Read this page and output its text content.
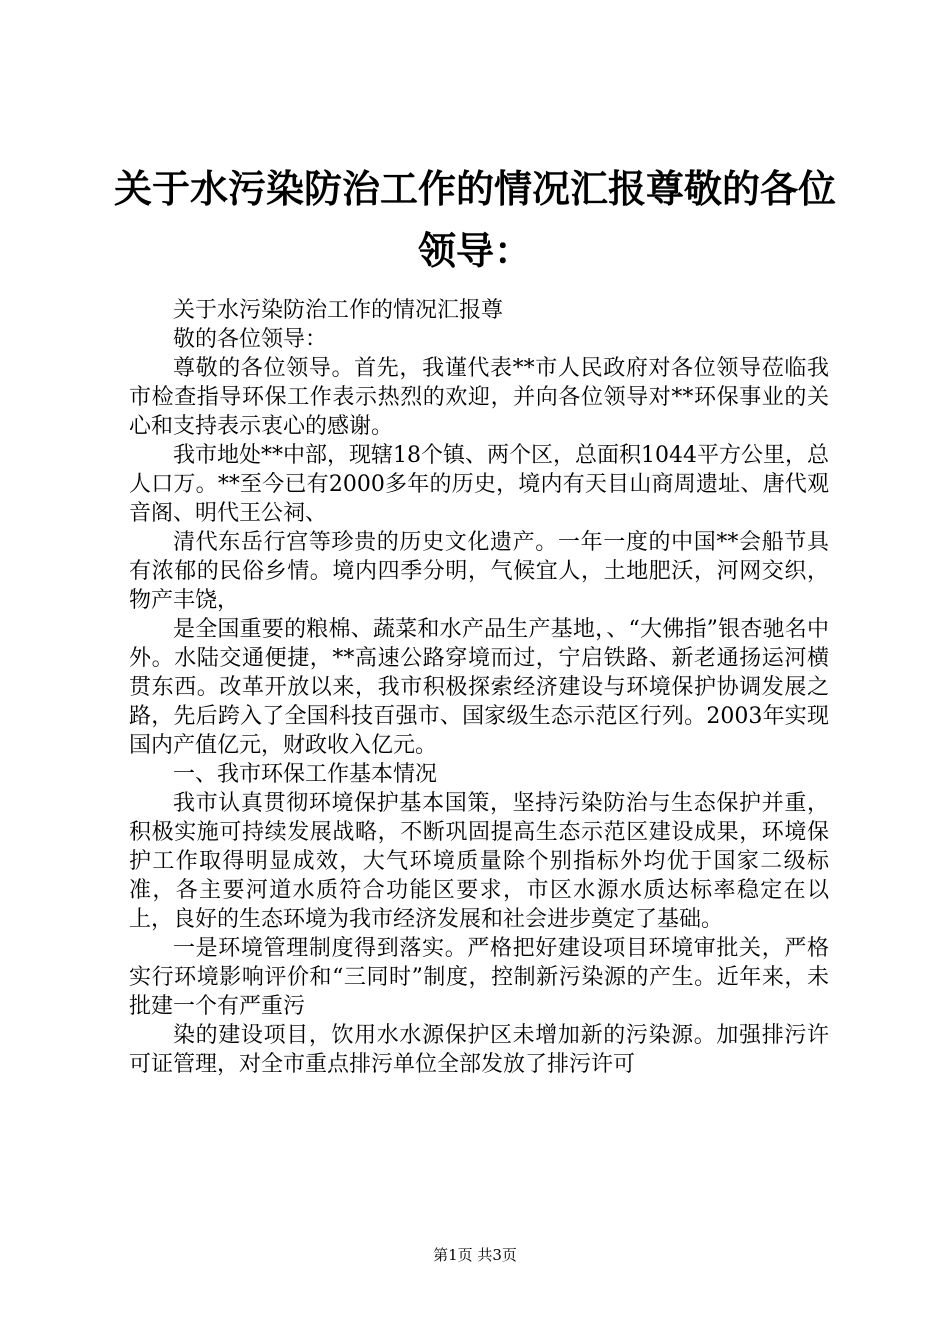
关于水污染防治工作的情况汇报尊敬的各位领导：

关于水污染防治工作的情况汇报尊

敬的各位领导：

尊敬的各位领导。首先，我谨代表**市人民政府对各位领导莅临我市检查指导环保工作表示热烈的欢迎，并向各位领导对**环保事业的关心和支持表示衷心的感谢。

我市地处**中部，现辖18个镇、两个区，总面积1044平方公里，总人口万。**至今已有2000多年的历史，境内有天目山商周遗址、唐代观音阁、明代王公祠、

清代东岳行宫等珍贵的历史文化遗产。一年一度的中国**会船节具有浓郁的民俗乡情。境内四季分明，气候宜人，土地肥沃，河网交织，物产丰饶，

是全国重要的粮棉、蔬菜和水产品生产基地，、“大佛指”银杏驰名中外。水陆交通便捷，**高速公路穿境而过，宁启铁路、新老通扬运河横贯东西。改革开放以来，我市积极探索经济建设与环境保护协调发展之路，先后跨入了全国科技百强市、国家级生态示范区行列。2003年实现国内产值亿元，财政收入亿元。

一、我市环保工作基本情况

我市认真贯彻环境保护基本国策，坚持污染防治与生态保护并重，积极实施可持续发展战略，不断巩固提高生态示范区建设成果，环境保护工作取得明显成效，大气环境质量除个别指标外均优于国家二级标准，各主要河道水质符合功能区要求，市区水源水质达标率稳定在以上，良好的生态环境为我市经济发展和社会进步奠定了基础。

一是环境管理制度得到落实。严格把好建设项目环境审批关，严格实行环境影响评价和“三同时”制度，控制新污染源的产生。近年来，未批建一个有严重污

染的建设项目，饮用水水源保护区未增加新的污染源。加强排污许可证管理，对全市重点排污单位全部发放了排污许可

第1页 共3页
